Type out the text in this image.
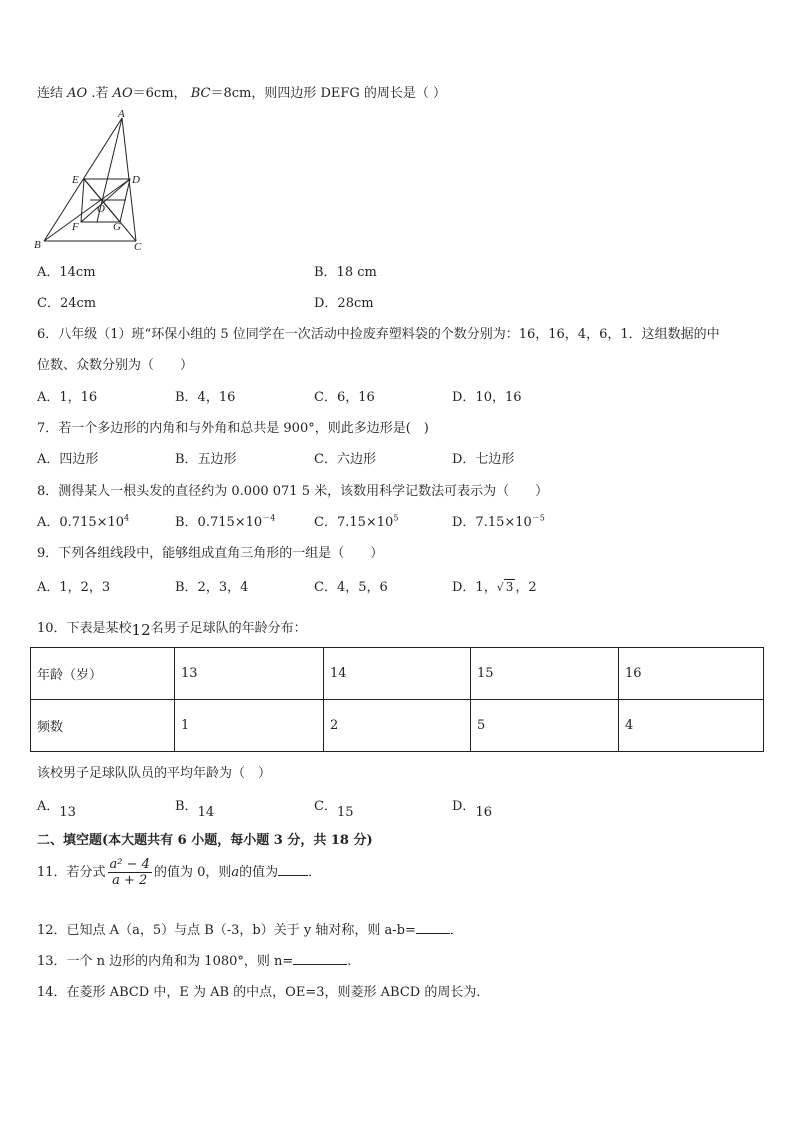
连结 AO .若 AO＝6cm， BC＝8cm，则四边形 DEFG 的周长是（ ）
A
B	C
D
E
F	G
O
A．14cm	B．18 cm
C．24cm	D．28cm
6．八年级（1）班“环保小组的 5 位同学在一次活动中捡废弃塑料袋的个数分别为：16，16，4，6，1．这组数据的中
位数、众数分别为（　　）
A．1，16	B．4，16	C．6，16	D．10，16
7．若一个多边形的内角和与外角和总共是 900°，则此多边形是(　)
A．四边形	B．五边形	C．六边形	D．七边形
8．测得某人一根头发的直径约为 0.000 071 5 米，该数用科学记数法可表示为（　　）
A．$0.715\times 10^4$	B．$0.715\times 10^{-4}$	C．$7.15\times 10^5$	D．$7.15\times 10^{-5}$
9．下列各组线段中，能够组成直角三角形的一组是（　　）
A．1，2，3	B．2，3，4	C．4，5，6	D．1，√ 3 ，2
10．下表是某校12名男子足球队的年龄分布：
年龄（岁）	13	14	15	16
频数	1	2	5	4
该校男子足球队队员的平均年龄为（　）
A．13	B．14	C．15	D．16
二、填空题(本大题共有 6 小题，每小题 3 分，共 18 分)
11．若分式 $\frac{\text{a² − 4}}{a + 2}$ 的值为 0，则a的值为 ．
12．已知点 A（a，5）与点 B（-3，b）关于 y 轴对称，则 a-b=	．
13．一个 n 边形的内角和为 1080°，则 n=	.
14．在菱形 ABCD 中，E 为 AB 的中点，OE=3，则菱形 ABCD 的周长为．
